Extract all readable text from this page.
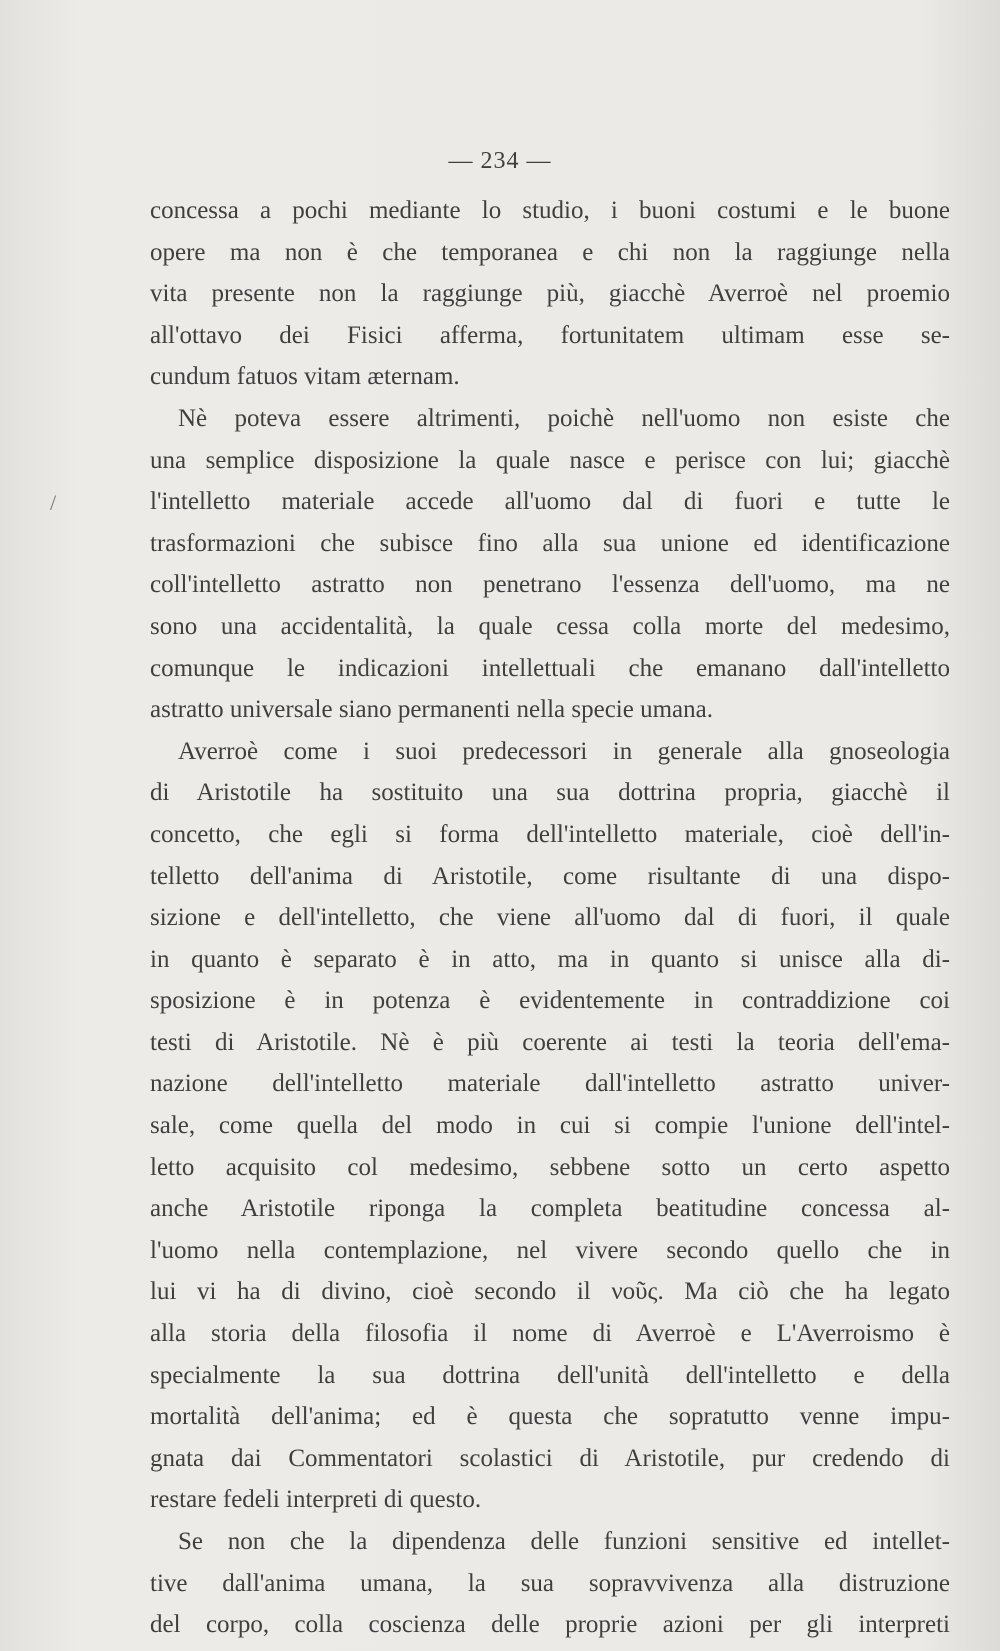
— 234 —
/
concessa a pochi mediante lo studio, i buoni costumi e le buone
opere ma non è che temporanea e chi non la raggiunge nella
vita presente non la raggiunge più, giacchè Averroè nel proemio
all'ottavo dei Fisici afferma, fortunitatem ultimam esse se-
cundum fatuos vitam æternam.
Nè poteva essere altrimenti, poichè nell'uomo non esiste che
una semplice disposizione la quale nasce e perisce con lui; giacchè
l'intelletto materiale accede all'uomo dal di fuori e tutte le
trasformazioni che subisce fino alla sua unione ed identificazione
coll'intelletto astratto non penetrano l'essenza dell'uomo, ma ne
sono una accidentalità, la quale cessa colla morte del medesimo,
comunque le indicazioni intellettuali che emanano dall'intelletto
astratto universale siano permanenti nella specie umana.
Averroè come i suoi predecessori in generale alla gnoseologia
di Aristotile ha sostituito una sua dottrina propria, giacchè il
concetto, che egli si forma dell'intelletto materiale, cioè dell'in-
telletto dell'anima di Aristotile, come risultante di una dispo-
sizione e dell'intelletto, che viene all'uomo dal di fuori, il quale
in quanto è separato è in atto, ma in quanto si unisce alla di-
sposizione è in potenza è evidentemente in contraddizione coi
testi di Aristotile. Nè è più coerente ai testi la teoria dell'ema-
nazione dell'intelletto materiale dall'intelletto astratto univer-
sale, come quella del modo in cui si compie l'unione dell'intel-
letto acquisito col medesimo, sebbene sotto un certo aspetto
anche Aristotile riponga la completa beatitudine concessa al-
l'uomo nella contemplazione, nel vivere secondo quello che in
lui vi ha di divino, cioè secondo il νοῦς. Ma ciò che ha legato
alla storia della filosofia il nome di Averroè e L'Averroismo è
specialmente la sua dottrina dell'unità dell'intelletto e della
mortalità dell'anima; ed è questa che sopratutto venne impu-
gnata dai Commentatori scolastici di Aristotile, pur credendo di
restare fedeli interpreti di questo.
Se non che la dipendenza delle funzioni sensitive ed intellet-
tive dall'anima umana, la sua sopravvivenza alla distruzione
del corpo, colla coscienza delle proprie azioni per gli interpreti
